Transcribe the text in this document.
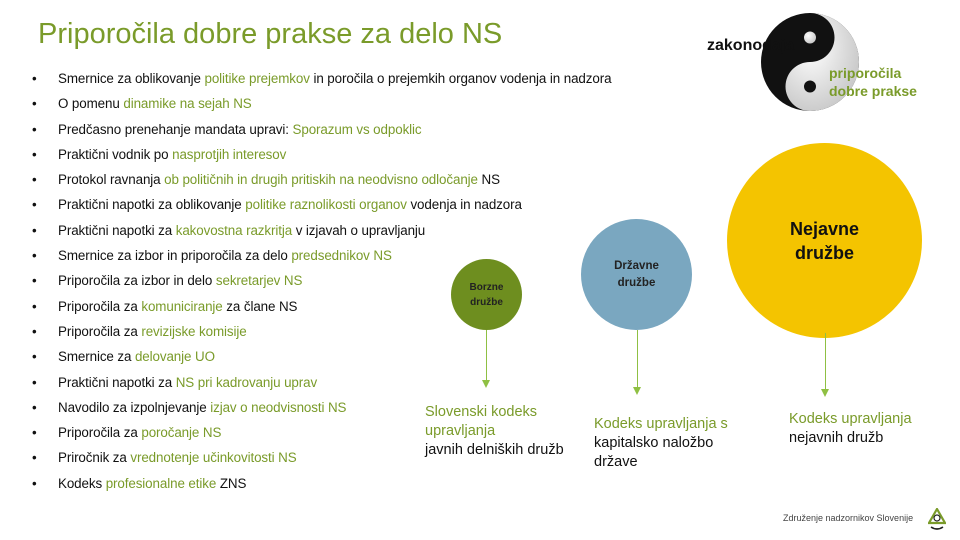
Priporočila dobre prakse za delo NS
• Smernice za oblikovanje politike prejemkov in poročila o prejemkih organov vodenja in nadzora
• O pomenu dinamike na sejah NS
• Predčasno prenehanje mandata upravi: Sporazum vs odpoklic
• Praktični vodnik po nasprotjih interesov
• Protokol ravnanja ob političnih in drugih pritiskih na neodvisno odločanje NS
• Praktični napotki za oblikovanje politike raznolikosti organov vodenja in nadzora
• Praktični napotki za kakovostna razkritja v izjavah o upravljanju
• Smernice za izbor in priporočila za delo predsednikov NS
• Priporočila za izbor in delo sekretarjev NS
• Priporočila za komuniciranje za člane NS
• Priporočila za revizijske komisije
• Smernice za delovanje UO
• Praktični napotki za NS pri kadrovanju uprav
• Navodilo za izpolnjevanje izjav o neodvisnosti NS
• Priporočila za poročanje NS
• Priročnik za vrednotenje učinkovitosti NS
• Kodeks profesionalne etike ZNS
zakonodaja
priporočila
dobre prakse
Borzne
družbe
Državne
družbe
Nejavne
družbe
Slovenski kodeks
upravljanja
javnih delniških družb
Kodeks upravljanja s
kapitalsko naložbo
države
Kodeks upravljanja
nejavnih družb
Združenje nadzornikov Slovenije
